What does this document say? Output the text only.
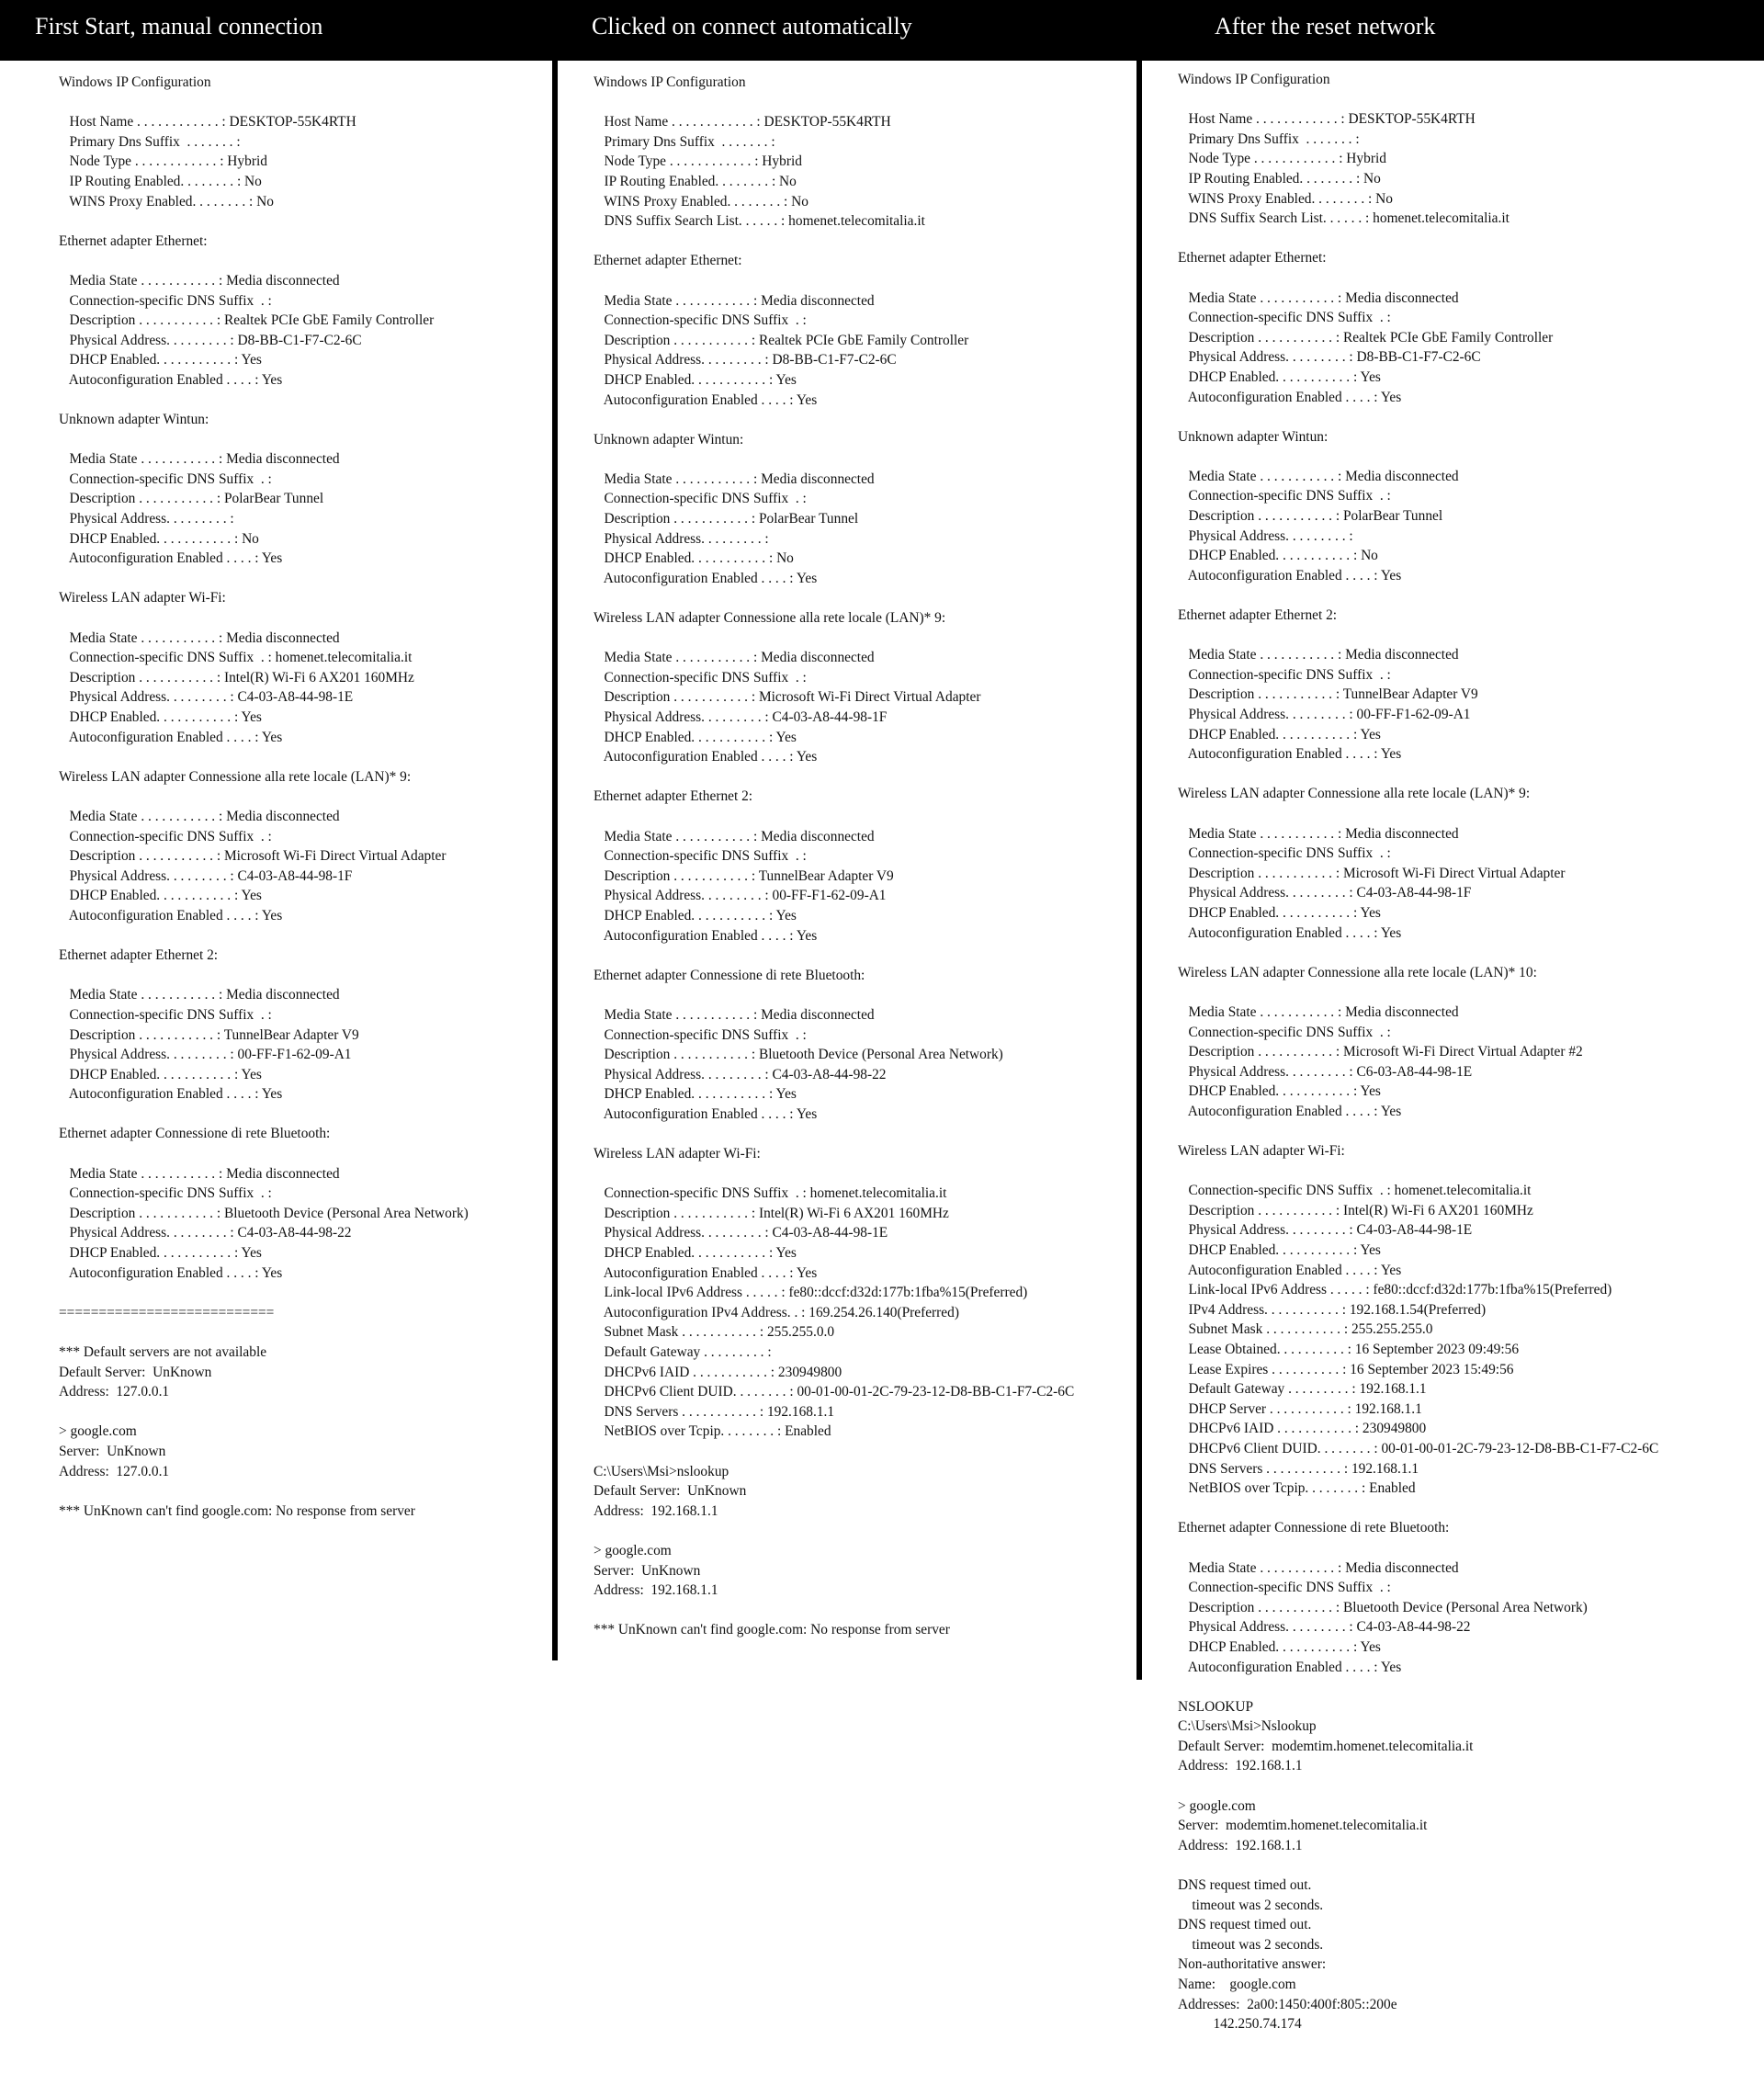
First Start, manual connection	Clicked on connect automatically	After the reset network
Windows IP Configuration
Host Name . . . . . . . . . . . . : DESKTOP-55K4RTH
Primary Dns Suffix  . . . . . . . :
Node Type . . . . . . . . . . . . : Hybrid
IP Routing Enabled. . . . . . . . : No
WINS Proxy Enabled. . . . . . . . : No
Ethernet adapter Ethernet:
Media State . . . . . . . . . . . : Media disconnected
Connection-specific DNS Suffix  . :
Description . . . . . . . . . . . : Realtek PCIe GbE Family Controller
Physical Address. . . . . . . . . : D8-BB-C1-F7-C2-6C
DHCP Enabled. . . . . . . . . . . : Yes
Autoconfiguration Enabled . . . . : Yes
Unknown adapter Wintun:
Media State . . . . . . . . . . . : Media disconnected
Connection-specific DNS Suffix  . :
Description . . . . . . . . . . . : PolarBear Tunnel
Physical Address. . . . . . . . . :
DHCP Enabled. . . . . . . . . . . : No
Autoconfiguration Enabled . . . . : Yes
Wireless LAN adapter Wi-Fi:
Media State . . . . . . . . . . . : Media disconnected
Connection-specific DNS Suffix  . : homenet.telecomitalia.it
Description . . . . . . . . . . . : Intel(R) Wi-Fi 6 AX201 160MHz
Physical Address. . . . . . . . . : C4-03-A8-44-98-1E
DHCP Enabled. . . . . . . . . . . : Yes
Autoconfiguration Enabled . . . . : Yes
Wireless LAN adapter Connessione alla rete locale (LAN)* 9:
Media State . . . . . . . . . . . : Media disconnected
Connection-specific DNS Suffix  . :
Description . . . . . . . . . . . : Microsoft Wi-Fi Direct Virtual Adapter
Physical Address. . . . . . . . . : C4-03-A8-44-98-1F
DHCP Enabled. . . . . . . . . . . : Yes
Autoconfiguration Enabled . . . . : Yes
Ethernet adapter Ethernet 2:
Media State . . . . . . . . . . . : Media disconnected
Connection-specific DNS Suffix  . :
Description . . . . . . . . . . . : TunnelBear Adapter V9
Physical Address. . . . . . . . . : 00-FF-F1-62-09-A1
DHCP Enabled. . . . . . . . . . . : Yes
Autoconfiguration Enabled . . . . : Yes
Ethernet adapter Connessione di rete Bluetooth:
Media State . . . . . . . . . . . : Media disconnected
Connection-specific DNS Suffix  . :
Description . . . . . . . . . . . : Bluetooth Device (Personal Area Network)
Physical Address. . . . . . . . . : C4-03-A8-44-98-22
DHCP Enabled. . . . . . . . . . . : Yes
Autoconfiguration Enabled . . . . : Yes
===========================
*** Default servers are not available
Default Server:  UnKnown
Address:  127.0.0.1
> google.com
Server:  UnKnown
Address:  127.0.0.1
*** UnKnown can't find google.com: No response from server
Windows IP Configuration
Host Name . . . . . . . . . . . . : DESKTOP-55K4RTH
Primary Dns Suffix  . . . . . . . :
Node Type . . . . . . . . . . . . : Hybrid
IP Routing Enabled. . . . . . . . : No
WINS Proxy Enabled. . . . . . . . : No
DNS Suffix Search List. . . . . . : homenet.telecomitalia.it
Ethernet adapter Ethernet:
Media State . . . . . . . . . . . : Media disconnected
Connection-specific DNS Suffix  . :
Description . . . . . . . . . . . : Realtek PCIe GbE Family Controller
Physical Address. . . . . . . . . : D8-BB-C1-F7-C2-6C
DHCP Enabled. . . . . . . . . . . : Yes
Autoconfiguration Enabled . . . . : Yes
Unknown adapter Wintun:
Media State . . . . . . . . . . . : Media disconnected
Connection-specific DNS Suffix  . :
Description . . . . . . . . . . . : PolarBear Tunnel
Physical Address. . . . . . . . . :
DHCP Enabled. . . . . . . . . . . : No
Autoconfiguration Enabled . . . . : Yes
Wireless LAN adapter Connessione alla rete locale (LAN)* 9:
Media State . . . . . . . . . . . : Media disconnected
Connection-specific DNS Suffix  . :
Description . . . . . . . . . . . : Microsoft Wi-Fi Direct Virtual Adapter
Physical Address. . . . . . . . . : C4-03-A8-44-98-1F
DHCP Enabled. . . . . . . . . . . : Yes
Autoconfiguration Enabled . . . . : Yes
Ethernet adapter Ethernet 2:
Media State . . . . . . . . . . . : Media disconnected
Connection-specific DNS Suffix  . :
Description . . . . . . . . . . . : TunnelBear Adapter V9
Physical Address. . . . . . . . . : 00-FF-F1-62-09-A1
DHCP Enabled. . . . . . . . . . . : Yes
Autoconfiguration Enabled . . . . : Yes
Ethernet adapter Connessione di rete Bluetooth:
Media State . . . . . . . . . . . : Media disconnected
Connection-specific DNS Suffix  . :
Description . . . . . . . . . . . : Bluetooth Device (Personal Area Network)
Physical Address. . . . . . . . . : C4-03-A8-44-98-22
DHCP Enabled. . . . . . . . . . . : Yes
Autoconfiguration Enabled . . . . : Yes
Wireless LAN adapter Wi-Fi:
Connection-specific DNS Suffix  . : homenet.telecomitalia.it
Description . . . . . . . . . . . : Intel(R) Wi-Fi 6 AX201 160MHz
Physical Address. . . . . . . . . : C4-03-A8-44-98-1E
DHCP Enabled. . . . . . . . . . . : Yes
Autoconfiguration Enabled . . . . : Yes
Link-local IPv6 Address . . . . . : fe80::dccf:d32d:177b:1fba%15(Preferred)
Autoconfiguration IPv4 Address. . : 169.254.26.140(Preferred)
Subnet Mask . . . . . . . . . . . : 255.255.0.0
Default Gateway . . . . . . . . . :
DHCPv6 IAID . . . . . . . . . . . : 230949800
DHCPv6 Client DUID. . . . . . . . : 00-01-00-01-2C-79-23-12-D8-BB-C1-F7-C2-6C
DNS Servers . . . . . . . . . . . : 192.168.1.1
NetBIOS over Tcpip. . . . . . . . : Enabled
C:\Users\Msi>nslookup
Default Server:  UnKnown
Address:  192.168.1.1
> google.com
Server:  UnKnown
Address:  192.168.1.1
*** UnKnown can't find google.com: No response from server
Windows IP Configuration
Host Name . . . . . . . . . . . . : DESKTOP-55K4RTH
Primary Dns Suffix  . . . . . . . :
Node Type . . . . . . . . . . . . : Hybrid
IP Routing Enabled. . . . . . . . : No
WINS Proxy Enabled. . . . . . . . : No
DNS Suffix Search List. . . . . . : homenet.telecomitalia.it
Ethernet adapter Ethernet:
Media State . . . . . . . . . . . : Media disconnected
Connection-specific DNS Suffix  . :
Description . . . . . . . . . . . : Realtek PCIe GbE Family Controller
Physical Address. . . . . . . . . : D8-BB-C1-F7-C2-6C
DHCP Enabled. . . . . . . . . . . : Yes
Autoconfiguration Enabled . . . . : Yes
Unknown adapter Wintun:
Media State . . . . . . . . . . . : Media disconnected
Connection-specific DNS Suffix  . :
Description . . . . . . . . . . . : PolarBear Tunnel
Physical Address. . . . . . . . . :
DHCP Enabled. . . . . . . . . . . : No
Autoconfiguration Enabled . . . . : Yes
Ethernet adapter Ethernet 2:
Media State . . . . . . . . . . . : Media disconnected
Connection-specific DNS Suffix  . :
Description . . . . . . . . . . . : TunnelBear Adapter V9
Physical Address. . . . . . . . . : 00-FF-F1-62-09-A1
DHCP Enabled. . . . . . . . . . . : Yes
Autoconfiguration Enabled . . . . : Yes
Wireless LAN adapter Connessione alla rete locale (LAN)* 9:
Media State . . . . . . . . . . . : Media disconnected
Connection-specific DNS Suffix  . :
Description . . . . . . . . . . . : Microsoft Wi-Fi Direct Virtual Adapter
Physical Address. . . . . . . . . : C4-03-A8-44-98-1F
DHCP Enabled. . . . . . . . . . . : Yes
Autoconfiguration Enabled . . . . : Yes
Wireless LAN adapter Connessione alla rete locale (LAN)* 10:
Media State . . . . . . . . . . . : Media disconnected
Connection-specific DNS Suffix  . :
Description . . . . . . . . . . . : Microsoft Wi-Fi Direct Virtual Adapter #2
Physical Address. . . . . . . . . : C6-03-A8-44-98-1E
DHCP Enabled. . . . . . . . . . . : Yes
Autoconfiguration Enabled . . . . : Yes
Wireless LAN adapter Wi-Fi:
Connection-specific DNS Suffix  . : homenet.telecomitalia.it
Description . . . . . . . . . . . : Intel(R) Wi-Fi 6 AX201 160MHz
Physical Address. . . . . . . . . : C4-03-A8-44-98-1E
DHCP Enabled. . . . . . . . . . . : Yes
Autoconfiguration Enabled . . . . : Yes
Link-local IPv6 Address . . . . . : fe80::dccf:d32d:177b:1fba%15(Preferred)
IPv4 Address. . . . . . . . . . . : 192.168.1.54(Preferred)
Subnet Mask . . . . . . . . . . . : 255.255.255.0
Lease Obtained. . . . . . . . . . : 16 September 2023 09:49:56
Lease Expires . . . . . . . . . . : 16 September 2023 15:49:56
Default Gateway . . . . . . . . . : 192.168.1.1
DHCP Server . . . . . . . . . . . : 192.168.1.1
DHCPv6 IAID . . . . . . . . . . . : 230949800
DHCPv6 Client DUID. . . . . . . . : 00-01-00-01-2C-79-23-12-D8-BB-C1-F7-C2-6C
DNS Servers . . . . . . . . . . . : 192.168.1.1
NetBIOS over Tcpip. . . . . . . . : Enabled
Ethernet adapter Connessione di rete Bluetooth:
Media State . . . . . . . . . . . : Media disconnected
Connection-specific DNS Suffix  . :
Description . . . . . . . . . . . : Bluetooth Device (Personal Area Network)
Physical Address. . . . . . . . . : C4-03-A8-44-98-22
DHCP Enabled. . . . . . . . . . . : Yes
Autoconfiguration Enabled . . . . : Yes
NSLOOKUP
C:\Users\Msi>Nslookup
Default Server:  modemtim.homenet.telecomitalia.it
Address:  192.168.1.1
> google.com
Server:  modemtim.homenet.telecomitalia.it
Address:  192.168.1.1
DNS request timed out.
timeout was 2 seconds.
DNS request timed out.
timeout was 2 seconds.
Non-authoritative answer:
Name:    google.com
Addresses:  2a00:1450:400f:805::200e
142.250.74.174
